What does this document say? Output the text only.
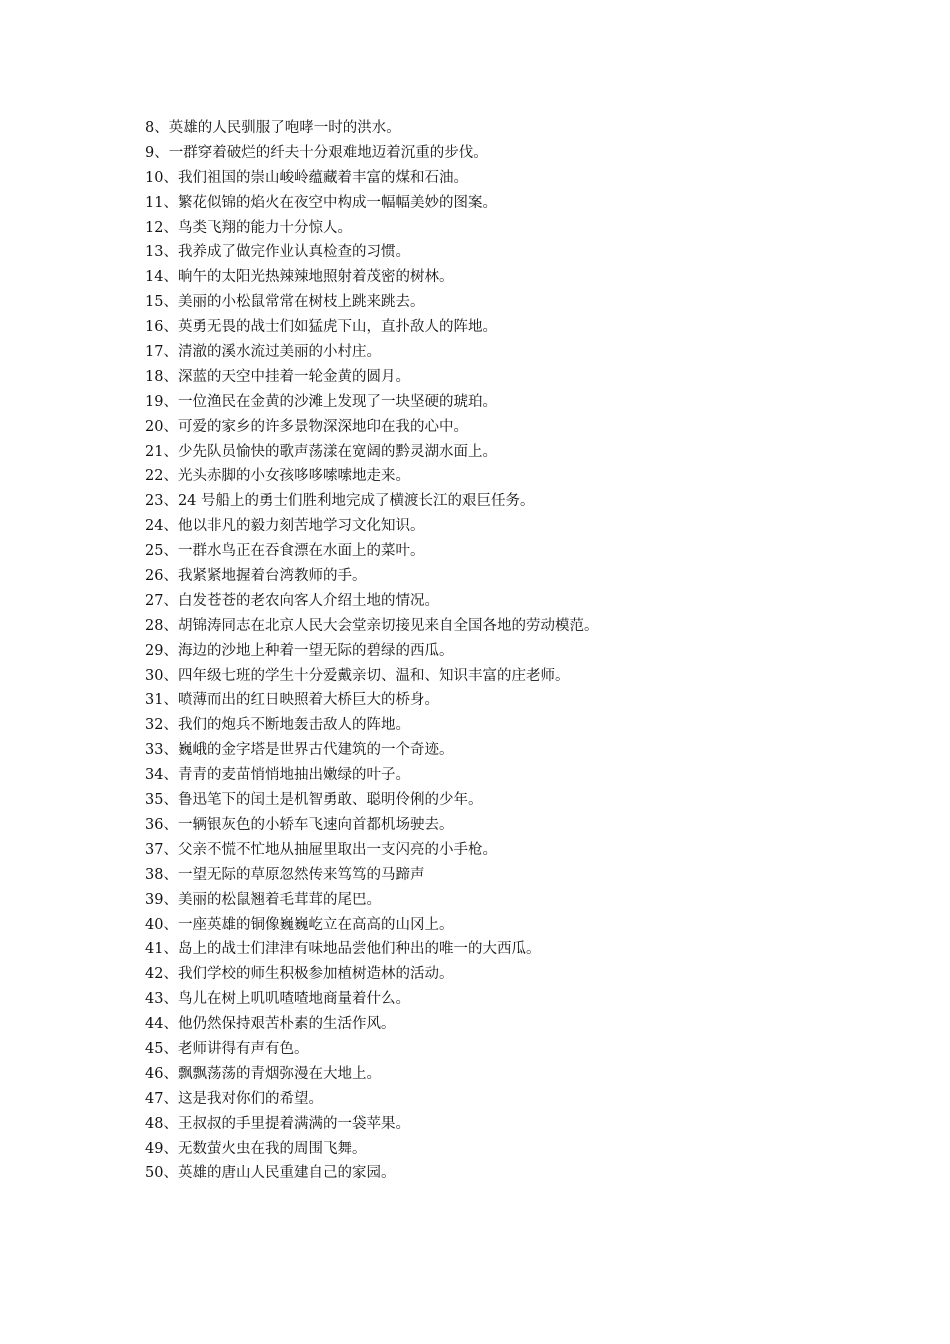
8、英雄的人民驯服了咆哮一时的洪水。
9、一群穿着破烂的纤夫十分艰难地迈着沉重的步伐。
10、我们祖国的崇山峻岭蕴藏着丰富的煤和石油。
11、繁花似锦的焰火在夜空中构成一幅幅美妙的图案。
12、鸟类飞翔的能力十分惊人。
13、我养成了做完作业认真检查的习惯。
14、晌午的太阳光热辣辣地照射着茂密的树林。
15、美丽的小松鼠常常在树枝上跳来跳去。
16、英勇无畏的战士们如猛虎下山，直扑敌人的阵地。
17、清澈的溪水流过美丽的小村庄。
18、深蓝的天空中挂着一轮金黄的圆月。
19、一位渔民在金黄的沙滩上发现了一块坚硬的琥珀。
20、可爱的家乡的许多景物深深地印在我的心中。
21、少先队员愉快的歌声荡漾在宽阔的黔灵湖水面上。
22、光头赤脚的小女孩哆哆嗦嗦地走来。
23、24 号船上的勇士们胜利地完成了横渡长江的艰巨任务。
24、他以非凡的毅力刻苦地学习文化知识。
25、一群水鸟正在吞食漂在水面上的菜叶。
26、我紧紧地握着台湾教师的手。
27、白发苍苍的老农向客人介绍土地的情况。
28、胡锦涛同志在北京人民大会堂亲切接见来自全国各地的劳动模范。
29、海边的沙地上种着一望无际的碧绿的西瓜。
30、四年级七班的学生十分爱戴亲切、温和、知识丰富的庄老师。
31、喷薄而出的红日映照着大桥巨大的桥身。
32、我们的炮兵不断地轰击敌人的阵地。
33、巍峨的金字塔是世界古代建筑的一个奇迹。
34、青青的麦苗悄悄地抽出嫩绿的叶子。
35、鲁迅笔下的闰土是机智勇敢、聪明伶俐的少年。
36、一辆银灰色的小轿车飞速向首都机场驶去。
37、父亲不慌不忙地从抽屉里取出一支闪亮的小手枪。
38、一望无际的草原忽然传来笃笃的马蹄声
39、美丽的松鼠翘着毛茸茸的尾巴。
40、一座英雄的铜像巍巍屹立在高高的山冈上。
41、岛上的战士们津津有味地品尝他们种出的唯一的大西瓜。
42、我们学校的师生积极参加植树造林的活动。
43、鸟儿在树上叽叽喳喳地商量着什么。
44、他仍然保持艰苦朴素的生活作风。
45、老师讲得有声有色。
46、飘飘荡荡的青烟弥漫在大地上。
47、这是我对你们的希望。
48、王叔叔的手里提着满满的一袋苹果。
49、无数萤火虫在我的周围飞舞。
50、英雄的唐山人民重建自己的家园。
